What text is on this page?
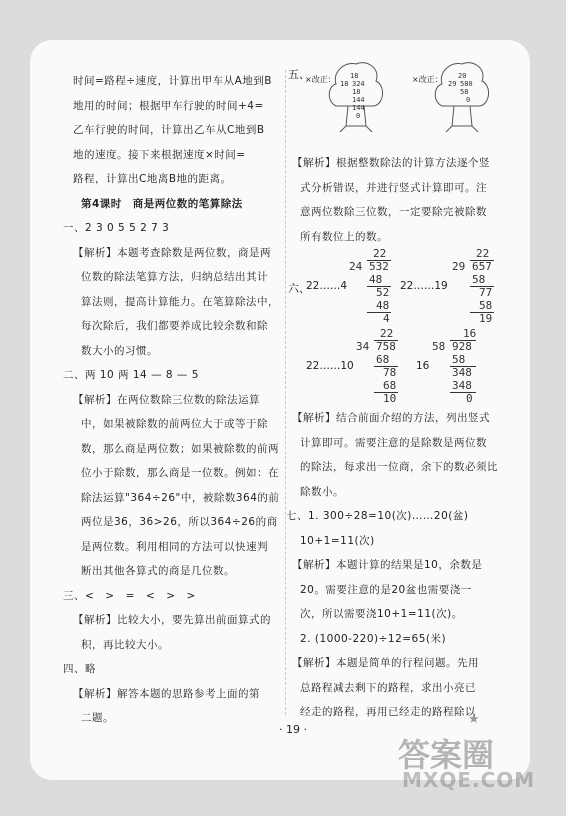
时间=路程÷速度，计算出甲车从A地到B

地用的时间；根据甲车行驶的时间+4=

乙车行驶的时间，计算出乙车从C地到B

地的速度。接下来根据速度×时间=

路程，计算出C地离B地的距离。

第4课时　商是两位数的笔算除法

一、2 3 0 5 5 2 7 3

【解析】本题考查除数是两位数，商是两

位数的除法笔算方法，归纳总结出其计

算法则，提高计算能力。在笔算除法中，

每次除后，我们都要养成比较余数和除

数大小的习惯。

二、两 10 两 14 — 8 — 5

【解析】在两位数除三位数的除法运算

中，如果被除数的前两位大于或等于除

数，那么商是两位数；如果被除数的前两

位小于除数，那么商是一位数。例如：在

除法运算"364÷26"中，被除数364的前

两位是36，36>26，所以364÷26的商

是两位数。利用相同的方法可以快速判

断出其他各算式的商是几位数。

三、<　>　=　<　>　>

【解析】比较大小，要先算出前面算式的

积，再比较大小。

四、略

【解析】解答本题的思路参考上面的第

二题。

五、
×改正：	×改正：
18
18 324
18
144
144
0
20
29 580
58
0

【解析】根据整数除法的计算方法逐个竖

式分析错误，并进行竖式计算即可。注

意两位数除三位数，一定要除完被除数

所有数位上的数。

六、
22……4	22……19
22……10	16
22
24 532
48
52
48
4
22
29 657
58
77
58
19
22
34 758
68
78
68
10
16
58 928
58
348
348
0

【解析】结合前面介绍的方法，列出竖式

计算即可。需要注意的是除数是两位数

的除法，每求出一位商，余下的数必须比

除数小。

七、1. 300÷28=10(次)……20(盆)

10+1=11(次)

【解析】本题计算的结果是10，余数是

20。需要注意的是20盆也需要浇一

次，所以需要浇10+1=11(次)。

2. (1000-220)÷12=65(米)

【解析】本题是简单的行程问题。先用

总路程减去剩下的路程，求出小亮已

经走的路程，再用已经走的路程除以

· 19 ·
答案圈
MXQE.COM
★
